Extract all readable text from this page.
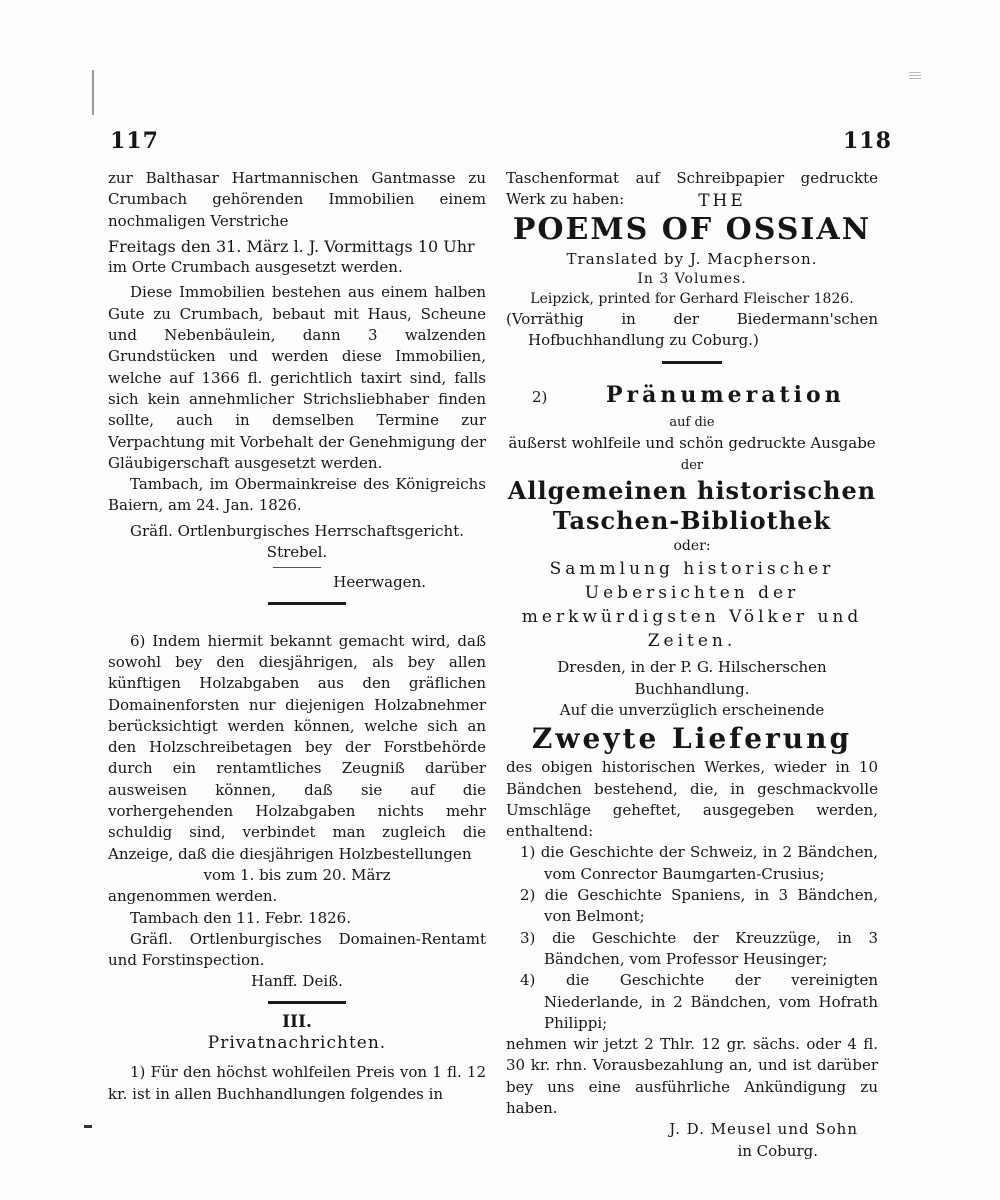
117	118

zur Balthasar Hartmannischen Gantmasse zu Crumbach gehörenden Immobilien einem nochmaligen Verstriche

Freitags den 31. März l. J. Vormittags 10 Uhr

im Orte Crumbach ausgesetzt werden.

Diese Immobilien bestehen aus einem halben Gute zu Crumbach, bebaut mit Haus, Scheune und Nebenbäulein, dann 3 walzenden Grundstücken und werden diese Immobilien, welche auf 1366 fl. gerichtlich taxirt sind, falls sich kein annehmlicher Strichsliebhaber finden sollte, auch in demselben Termine zur Verpachtung mit Vorbehalt der Genehmigung der Gläubigerschaft ausgesetzt werden.

Tambach, im Obermainkreise des Königreichs Baiern, am 24. Jan. 1826.

Gräfl. Ortlenburgisches Herrschaftsgericht.

Strebel.

Heerwagen.

6) Indem hiermit bekannt gemacht wird, daß sowohl bey den diesjährigen, als bey allen künftigen Holzabgaben aus den gräflichen Domainenforsten nur diejenigen Holzabnehmer berücksichtigt werden können, welche sich an den Holzschreibetagen bey der Forstbehörde durch ein rentamtliches Zeugniß darüber ausweisen können, daß sie auf die vorhergehenden Holzabgaben nichts mehr schuldig sind, verbindet man zugleich die Anzeige, daß die diesjährigen Holzbestellungen

vom 1. bis zum 20. März

angenommen werden.

Tambach den 11. Febr. 1826.

Gräfl. Ortlenburgisches Domainen-Rentamt und Forstinspection.

Hanff. Deiß.

III.

Privatnachrichten.

1) Für den höchst wohlfeilen Preis von 1 fl. 12 kr. ist in allen Buchhandlungen folgendes in

Taschenformat auf Schreibpapier gedruckte Werk zu haben:	THE
POEMS OF OSSIAN

Translated by J. Macpherson.

In 3 Volumes.

Leipzick, printed for Gerhard Fleischer 1826.

(Vorräthig in der Biedermann'schen Hofbuchhandlung zu Coburg.)

2)	Pränumeration

auf die

äußerst wohlfeile und schön gedruckte Ausgabe

der

Allgemeinen historischen Taschen-Bibliothek

oder:

Sammlung historischer Uebersichten der merkwürdigsten Völker und Zeiten.

Dresden, in der P. G. Hilscherschen Buchhandlung.

Auf die unverzüglich erscheinende

Zweyte Lieferung

des obigen historischen Werkes, wieder in 10 Bändchen bestehend, die, in geschmackvolle Umschläge geheftet, ausgegeben werden, enthaltend:

1) die Geschichte der Schweiz, in 2 Bändchen, vom Conrector Baumgarten-Crusius;

2) die Geschichte Spaniens, in 3 Bändchen, von Belmont;

3) die Geschichte der Kreuzzüge, in 3 Bändchen, vom Professor Heusinger;

4) die Geschichte der vereinigten Niederlande, in 2 Bändchen, vom Hofrath Philippi;

nehmen wir jetzt 2 Thlr. 12 gr. sächs. oder 4 fl. 30 kr. rhn. Vorausbezahlung an, und ist darüber bey uns eine ausführliche Ankündigung zu haben.

J. D. Meusel und Sohn

in Coburg.
